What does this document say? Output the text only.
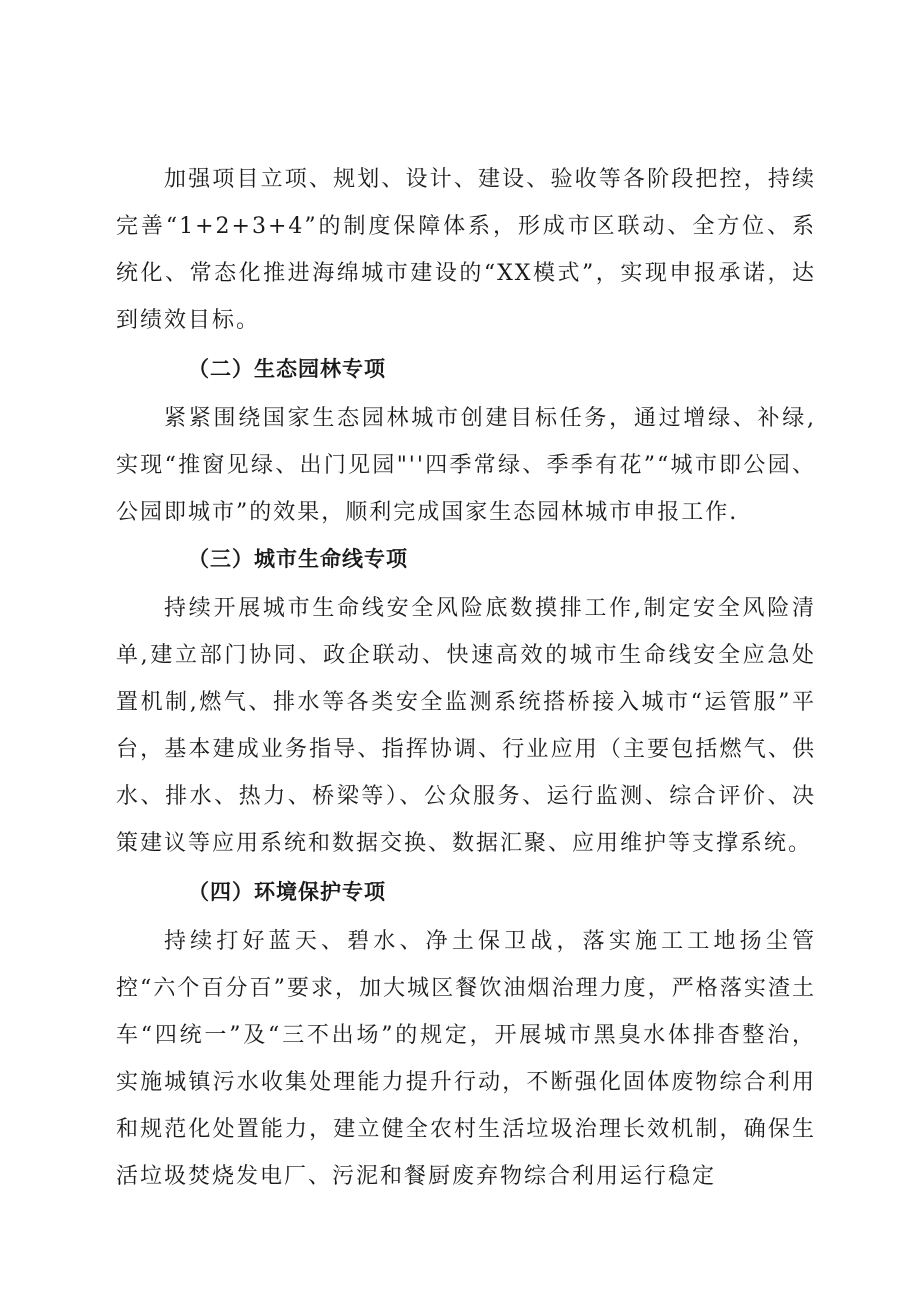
加强项目立项、规划、设计、建设、验收等各阶段把控，持续完善“1+2+3+4”的制度保障体系，形成市区联动、全方位、系统化、常态化推进海绵城市建设的“XX模式”，实现申报承诺，达到绩效目标。

（二）生态园林专项

紧紧围绕国家生态园林城市创建目标任务，通过增绿、补绿,实现“推窗见绿、出门见园"''四季常绿、季季有花”“城市即公园、公园即城市”的效果，顺利完成国家生态园林城市申报工作.

（三）城市生命线专项

持续开展城市生命线安全风险底数摸排工作,制定安全风险清单,建立部门协同、政企联动、快速高效的城市生命线安全应急处置机制,燃气、排水等各类安全监测系统搭桥接入城市“运管服”平台，基本建成业务指导、指挥协调、行业应用（主要包括燃气、供水、排水、热力、桥梁等）、公众服务、运行监测、综合评价、决策建议等应用系统和数据交换、数据汇聚、应用维护等支撑系统。

（四）环境保护专项

持续打好蓝天、碧水、净土保卫战，落实施工工地扬尘管控“六个百分百”要求，加大城区餐饮油烟治理力度，严格落实渣土车“四统一”及“三不出场”的规定，开展城市黑臭水体排杳整治，实施城镇污水收集处理能力提升行动，不断强化固体废物综合利用和规范化处置能力，建立健全农村生活垃圾治理长效机制，确保生活垃圾焚烧发电厂、污泥和餐厨废弃物综合利用运行稳定
